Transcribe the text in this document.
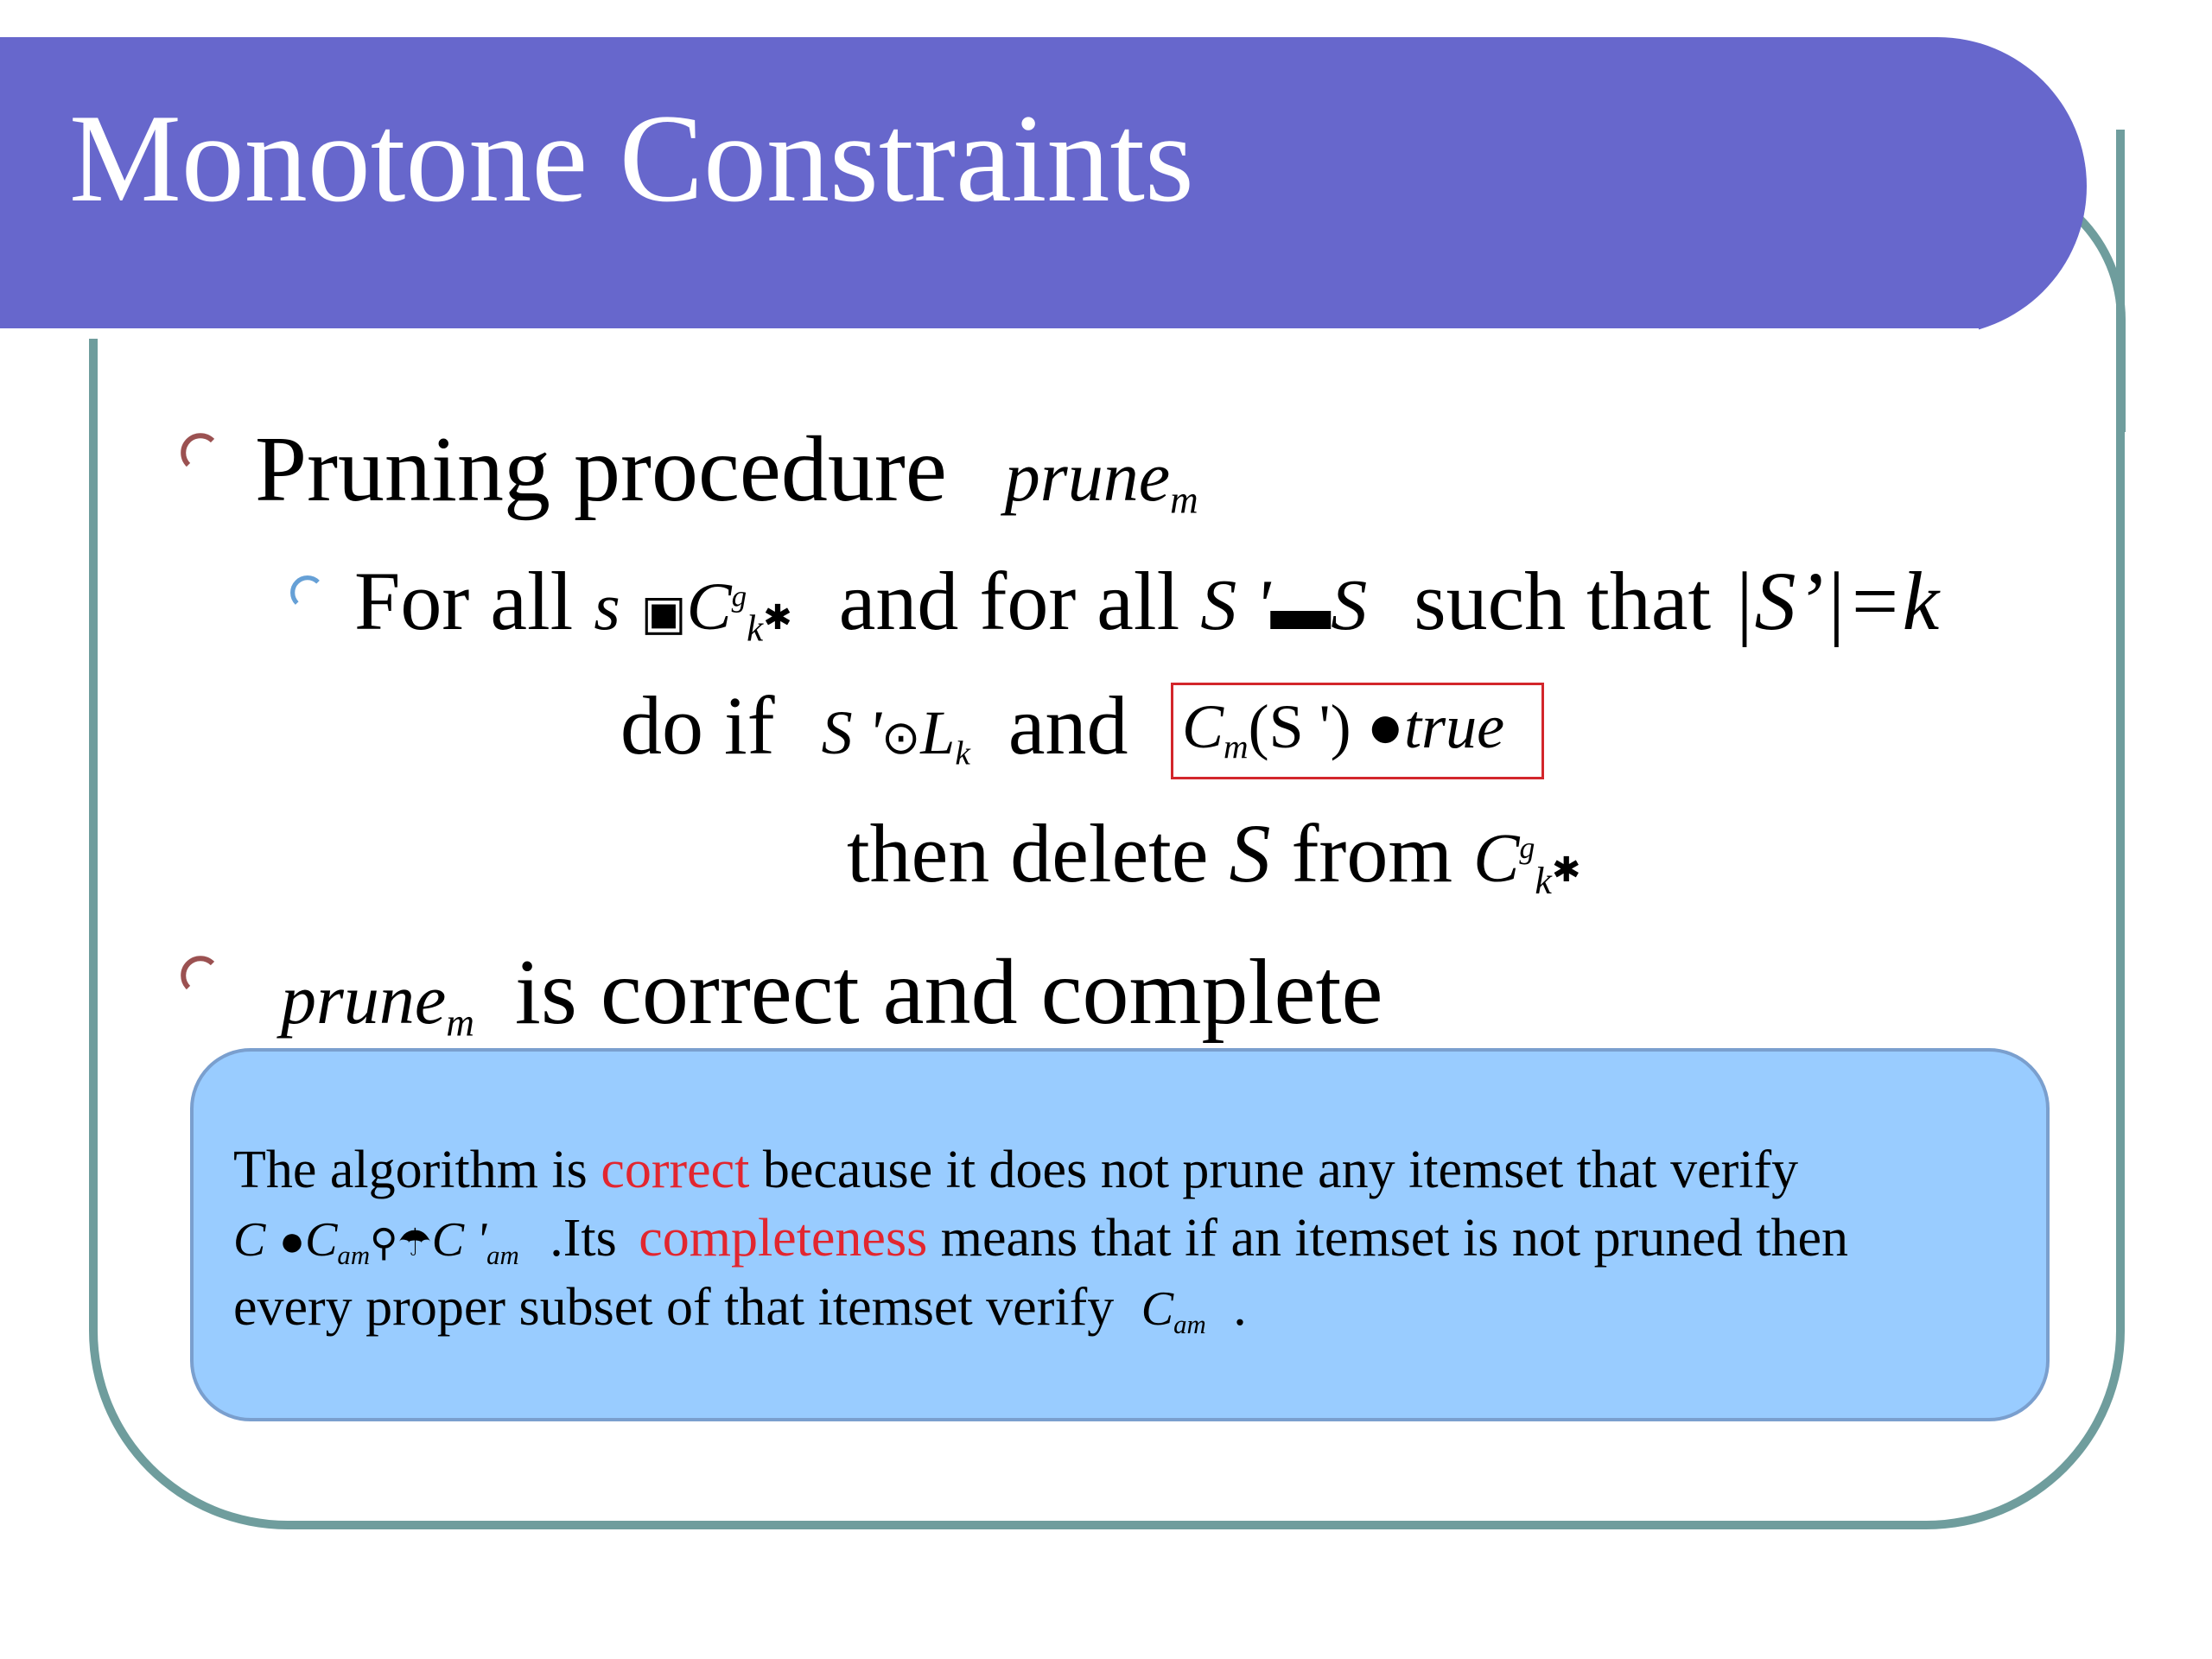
Monotone Constraints
Pruning procedure prune$_m$
For all s $▣C^g_k✱$ and for all S '▬S such that |S’|=k
do if S '$⊙L_k$ and $C_m(S$ ') ●true
then delete S from $C^g_k✱$
prune$_m$ is correct and complete
The algorithm is correct because it does not prune any itemset that verify
C $●C_{am}⚲☂C$ '$_{am}$ .Its completeness means that if an itemset is not pruned then
every proper subset of that itemset verify $C_{am}$ .
